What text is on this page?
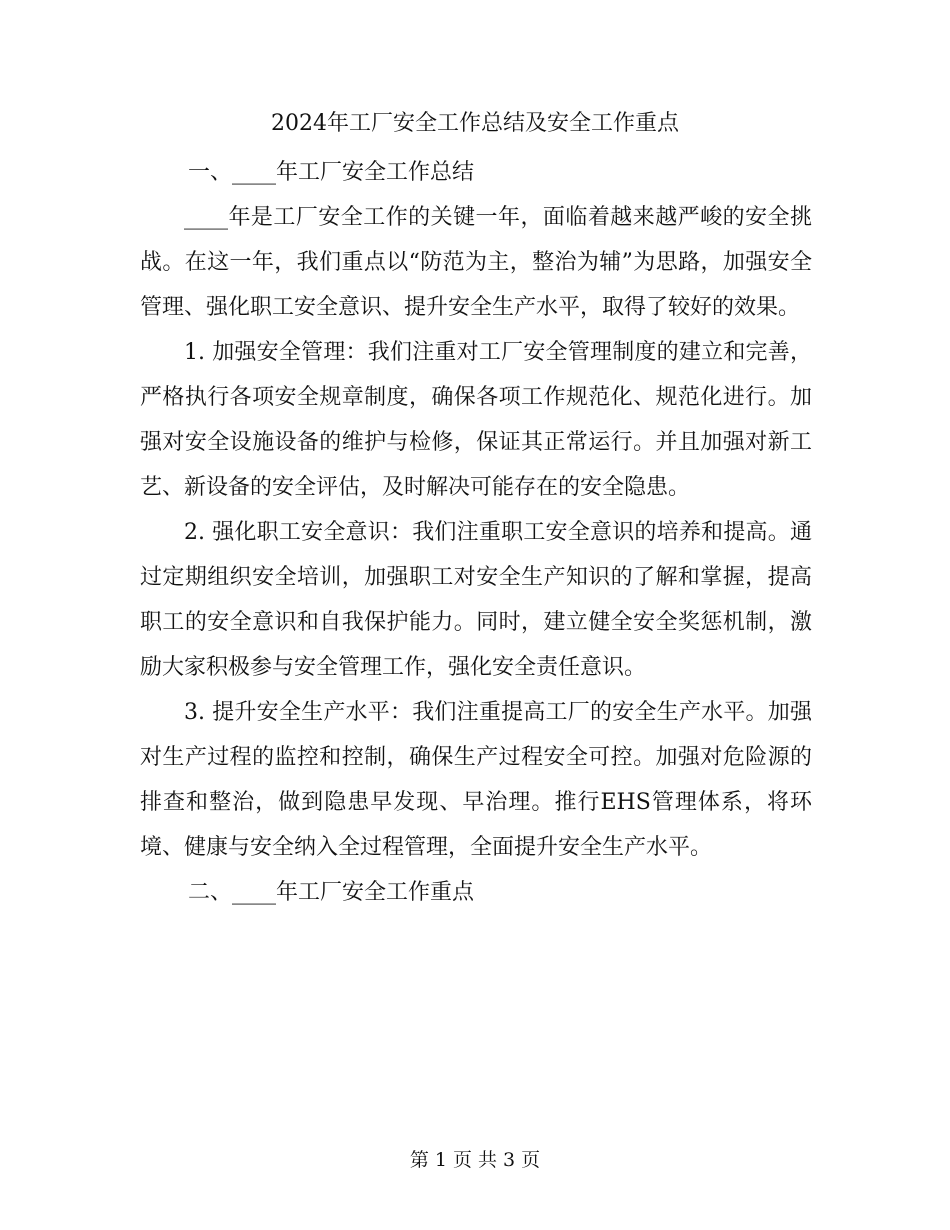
2024年工厂安全工作总结及安全工作重点

一、____年工厂安全工作总结

____年是工厂安全工作的关键一年，面临着越来越严峻的安全挑战。在这一年，我们重点以“防范为主，整治为辅”为思路，加强安全管理、强化职工安全意识、提升安全生产水平，取得了较好的效果。

1. 加强安全管理：我们注重对工厂安全管理制度的建立和完善，严格执行各项安全规章制度，确保各项工作规范化、规范化进行。加强对安全设施设备的维护与检修，保证其正常运行。并且加强对新工艺、新设备的安全评估，及时解决可能存在的安全隐患。

2. 强化职工安全意识：我们注重职工安全意识的培养和提高。通过定期组织安全培训，加强职工对安全生产知识的了解和掌握，提高职工的安全意识和自我保护能力。同时，建立健全安全奖惩机制，激励大家积极参与安全管理工作，强化安全责任意识。

3. 提升安全生产水平：我们注重提高工厂的安全生产水平。加强对生产过程的监控和控制，确保生产过程安全可控。加强对危险源的排查和整治，做到隐患早发现、早治理。推行EHS管理体系，将环境、健康与安全纳入全过程管理，全面提升安全生产水平。

二、____年工厂安全工作重点

第 1 页 共 3 页
